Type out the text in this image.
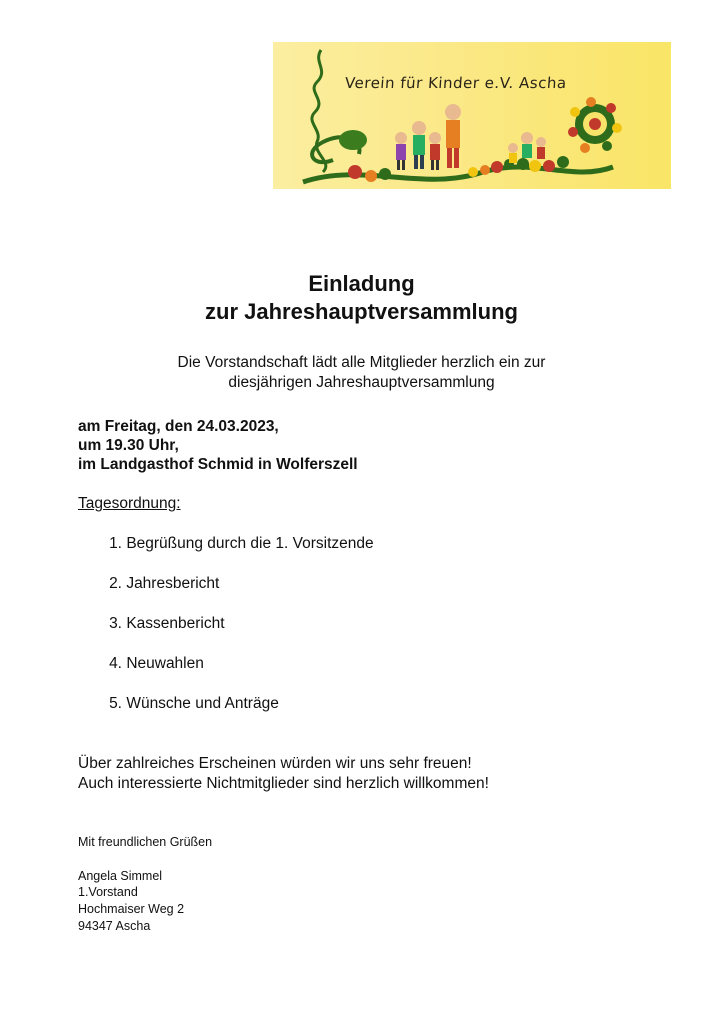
Verein für Kinder e.V. Ascha
Einladung
zur Jahreshauptversammlung
Die Vorstandschaft lädt alle Mitglieder herzlich ein zur
diesjährigen Jahreshauptversammlung
am Freitag, den 24.03.2023,
um 19.30 Uhr,
im Landgasthof Schmid in Wolferszell
Tagesordnung:
1.
Begrüßung durch die 1. Vorsitzende
2.
Jahresbericht
3.
Kassenbericht
4.
Neuwahlen
5.
Wünsche und Anträge
Über zahlreiches Erscheinen würden wir uns sehr freuen!
Auch interessierte Nichtmitglieder sind herzlich willkommen!
Mit freundlichen Grüßen
Angela Simmel
1.Vorstand
Hochmaiser Weg 2
94347 Ascha
